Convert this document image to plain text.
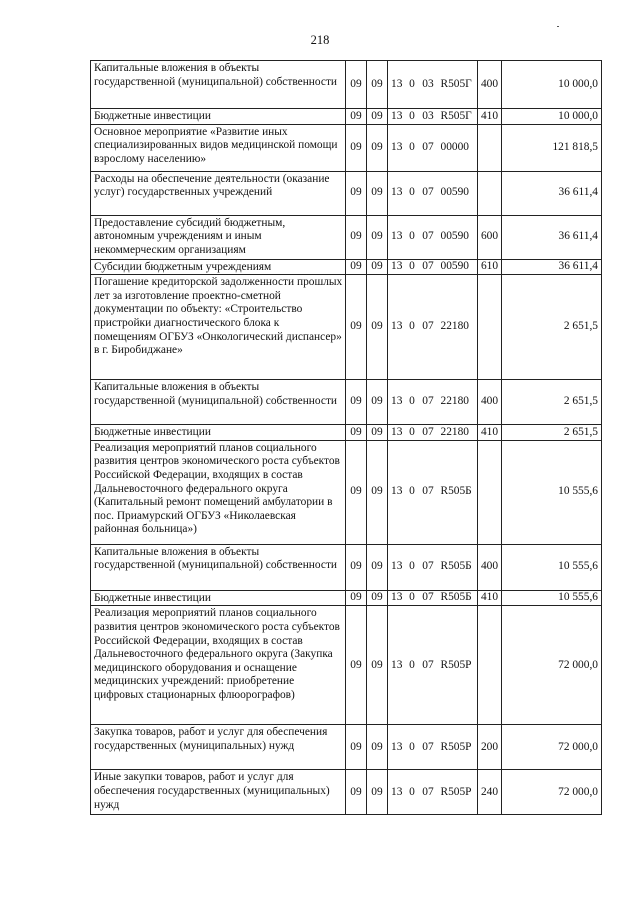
218
Капитальные вложения в объекты государственной (муниципальной) собственности	09	09	13	0	03	R505Г	400	10 000,0
Бюджетные инвестиции	09	09	13	0	03	R505Г	410	10 000,0
Основное мероприятие «Развитие иных специализированных видов медицинской помощи взрослому населению»	09	09	13	0	07	00000		121 818,5
Расходы на обеспечение деятельности (оказание услуг) государственных учреждений	09	09	13	0	07	00590		36 611,4
Предоставление субсидий бюджетным, автономным учреждениям и иным некоммерческим организациям	09	09	13	0	07	00590	600	36 611,4
Субсидии бюджетным учреждениям	09	09	13	0	07	00590	610	36 611,4
Погашение кредиторской задолженности прошлых лет за изготовление проектно-сметной документации по объекту: «Строительство пристройки диагностического блока к помещениям ОГБУЗ «Онкологический диспансер» в г. Биробиджане»	09	09	13	0	07	22180		2 651,5
Капитальные вложения в объекты государственной (муниципальной) собственности	09	09	13	0	07	22180	400	2 651,5
Бюджетные инвестиции	09	09	13	0	07	22180	410	2 651,5
Реализация мероприятий планов социального развития центров экономического роста субъектов Российской Федерации, входящих в состав Дальневосточного федерального округа (Капитальный ремонт помещений амбулатории в пос. Приамурский ОГБУЗ «Николаевская районная больница»)	09	09	13	0	07	R505Б		10 555,6
Капитальные вложения в объекты государственной (муниципальной) собственности	09	09	13	0	07	R505Б	400	10 555,6
Бюджетные инвестиции	09	09	13	0	07	R505Б	410	10 555,6
Реализация мероприятий планов социального развития центров экономического роста субъектов Российской Федерации, входящих в состав Дальневосточного федерального округа (Закупка медицинского оборудования и оснащение медицинских учреждений: приобретение цифровых стационарных флюорографов)	09	09	13	0	07	R505P		72 000,0
Закупка товаров, работ и услуг для обеспечения государственных (муниципальных) нужд	09	09	13	0	07	R505P	200	72 000,0
Иные закупки товаров, работ и услуг для обеспечения государственных (муниципальных) нужд	09	09	13	0	07	R505P	240	72 000,0
